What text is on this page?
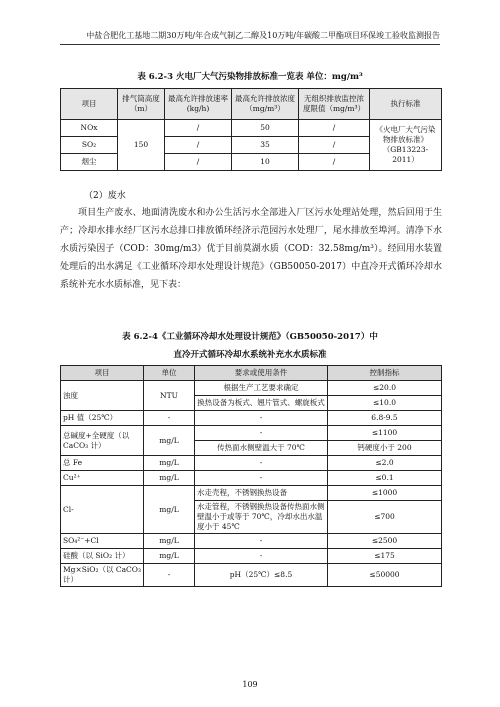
中盐合肥化工基地二期30万吨/年合成气制乙二醇及10万吨/年碳酸二甲酯项目环保竣工验收监测报告
表 6.2-3 火电厂大气污染物排放标准一览表 单位：mg/m³
项目	排气筒高度（m）	最高允许排放速率(kg/h)	最高允许排放浓度（mg/m³）	无组织排放监控浓度限值（mg/m³）	执行标准
NOx	150	/	50	/	《火电厂大气污染物排放标准》（GB13223-2011）
SO₂		/	35	/	
烟尘		/	10	/	
（2）废水
项目生产废水、地面清洗废水和办公生活污水全部进入厂区污水处理站处理，然后回用于生产；冷却水排水经厂区污水总排口排放循环经济示范园污水处理厂，尾水排放至埠河。清净下水水质污染因子（COD：30mg/m3）优于目前莫湖水质（COD：32.58mg/m³）。经回用水装置处理后的出水满足《工业循环冷却水处理设计规范》（GB50050-2017）中直冷开式循环冷却水系统补充水水质标准，见下表：
表 6.2-4《工业循环冷却水处理设计规范》（GB50050-2017）中
直冷开式循环冷却水系统补充水水质标准
项目	单位	要求或使用条件	控制指标
浊度	NTU	根据生产工艺要求确定	≤20.0
		换热设备为板式、翘片管式、螺旋板式	≤10.0
pH 值（25℃）	-	-	6.8-9.5
总碱度+全硬度（以 CaCO₃ 计）	mg/L	-	≤1100
		传热面水侧壁温大于 70℃	钙硬度小于 200
总 Fe	mg/L	-	≤2.0
Cu²⁺	mg/L	-	≤0.1
Cl-	mg/L	水走壳程，不锈钢换热设备	≤1000
		水走管程，不锈钢换热设备传热面水侧壁温小于或等于 70℃，冷却水出水温度小于 45℃	≤700
SO₄²⁻+Cl	mg/L	-	≤2500
硅酸（以 SiO₂ 计）	mg/L	-	≤175
Mg×SiO₂（以 CaCO₃ 计）	-	pH（25℃）≤8.5	≤50000
109
